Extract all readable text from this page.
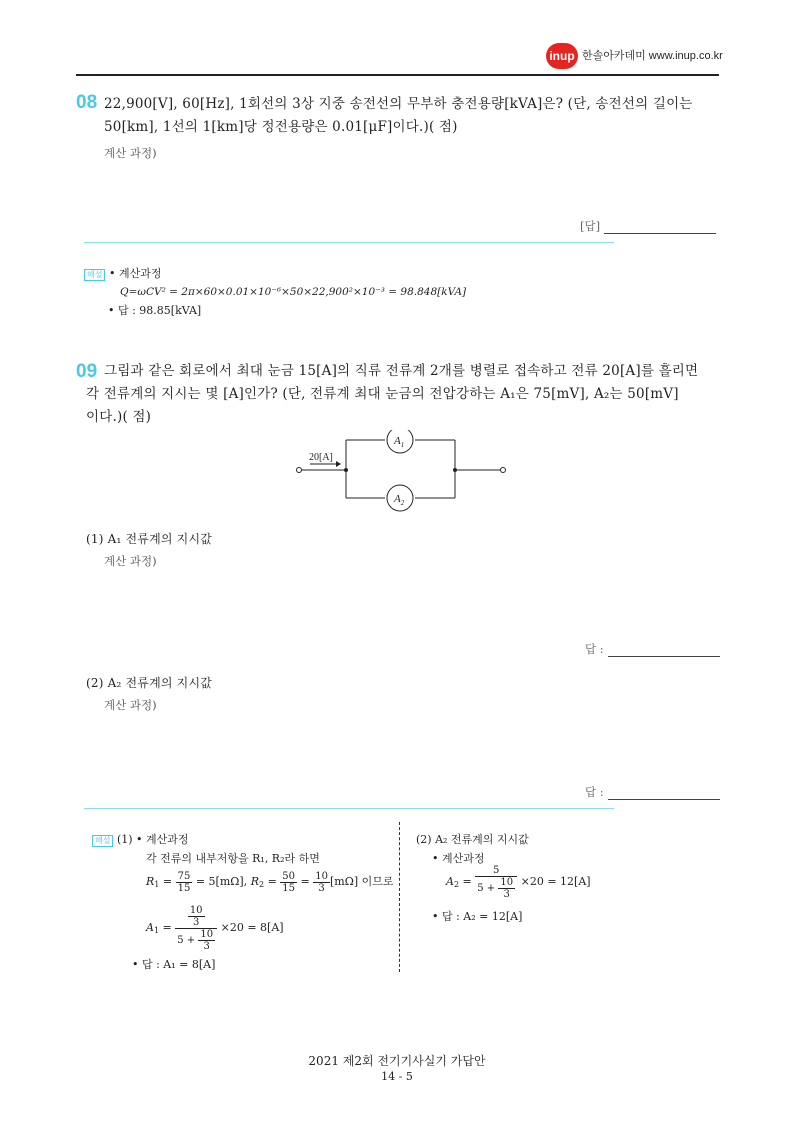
inup 한솔아카데미 www.inup.co.kr
08 22,900[V], 60[Hz], 1회선의 3상 지중 송전선의 무부하 충전용량[kVA]은? (단, 송전선의 길이는
50[km], 1선의 1[km]당 정전용량은 0.01[μF]이다.)( 점)
계산 과정)
[답]
해설 • 계산과정
Q=ωCV² = 2π×60×0.01×10⁻⁶×50×22,900²×10⁻³ = 98.848[kVA]
• 답 : 98.85[kVA]
09 그림과 같은 회로에서 최대 눈금 15[A]의 직류 전류계 2개를 병렬로 접속하고 전류 20[A]를 흘리면
각 전류계의 지시는 몇 [A]인가? (단, 전류계 최대 눈금의 전압강하는 A₁은 75[mV], A₂는 50[mV]
이다.)( 점)
20[A]
$A_1$
$A_2$
(1) A₁ 전류계의 지시값
계산 과정)
답 :
(2) A₂ 전류계의 지시값
계산 과정)
답 :
해설 (1) • 계산과정
각 전류의 내부저항을 R₁, R₂라 하면
$R_1 = \frac{75}{15} = 5[m\Omega]$, $R_2 = \frac{50}{15} = \frac{10}{3} [m\Omega]$ 이므로
$A_1 = \frac{\frac{10}{3}}{5 + \frac{10}{3}} \times 20 = 8[A]$
• 답 : A₁ = 8[A]
(2) A₂ 전류계의 지시값
• 계산과정
$A_2 = \frac{5}{5 + \frac{10}{3}} \times 20 = 12[A]$
• 답 : A₂ = 12[A]
2021 제2회 전기기사실기 가답안
14 - 5
